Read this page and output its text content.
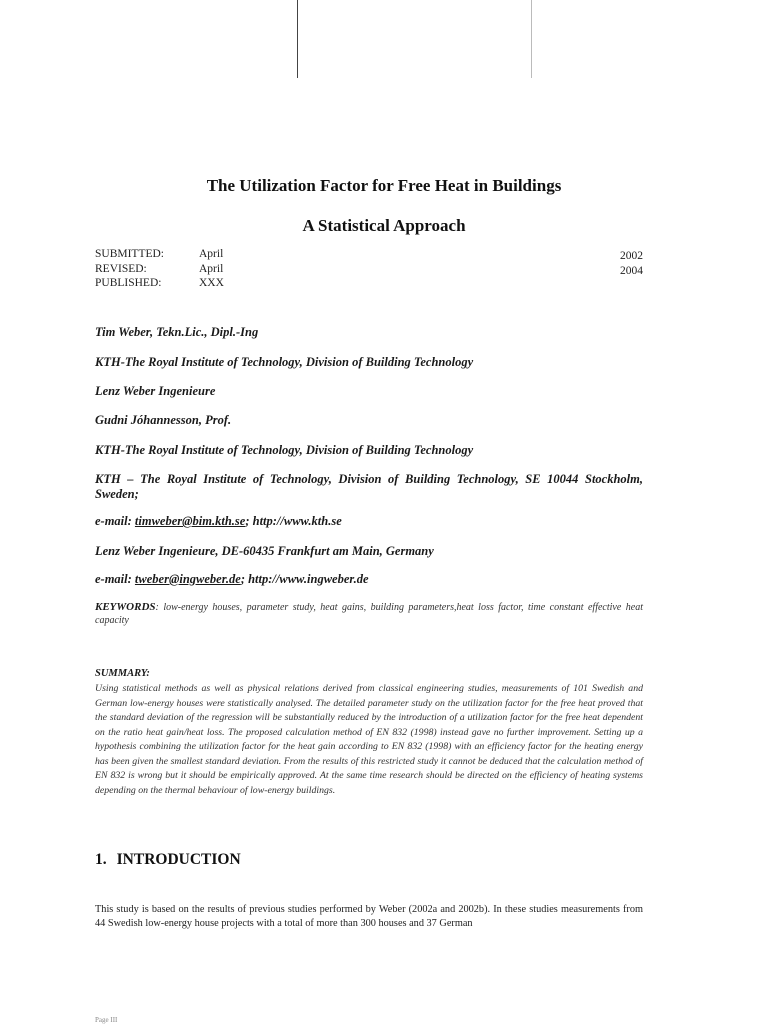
The Utilization Factor for Free Heat in Buildings
A Statistical Approach
SUBMITTED:
REVISED:
PUBLISHED:
April
April
XXX
2002
2004
Tim Weber, Tekn.Lic., Dipl.-Ing
KTH-The Royal Institute of Technology, Division of Building Technology
Lenz Weber Ingenieure
Gudni Jóhannesson, Prof.
KTH-The Royal Institute of Technology, Division of Building Technology
KTH – The Royal Institute of Technology, Division of Building Technology, SE 10044 Stockholm, Sweden;
e-mail: timweber@bim.kth.se; http://www.kth.se
Lenz Weber Ingenieure, DE-60435 Frankfurt am Main, Germany
e-mail: tweber@ingweber.de; http://www.ingweber.de
KEYWORDS: low-energy houses, parameter study, heat gains, building parameters,heat loss factor, time constant effective heat capacity
SUMMARY:
Using statistical methods as well as physical relations derived from classical engineering studies, measurements of 101 Swedish and German low-energy houses were statistically analysed. The detailed parameter study on the utilization factor for the free heat proved that the standard deviation of the regression will be substantially reduced by the introduction of a utilization factor for the free heat dependent on the ratio heat gain/heat loss. The proposed calculation method of EN 832 (1998) instead gave no further improvement. Setting up a hypothesis combining the utilization factor for the heat gain according to EN 832 (1998) with an efficiency factor for the heating energy has been given the smallest standard deviation. From the results of this restricted study it cannot be deduced that the calculation method of EN 832 is wrong but it should be empirically approved. At the same time research should be directed on the efficiency of heating systems depending on the thermal behaviour of low-energy buildings.
1. INTRODUCTION
This study is based on the results of previous studies performed by Weber (2002a and 2002b). In these studies measurements from 44 Swedish low-energy house projects with a total of more than 300 houses and 37 German
Page III
